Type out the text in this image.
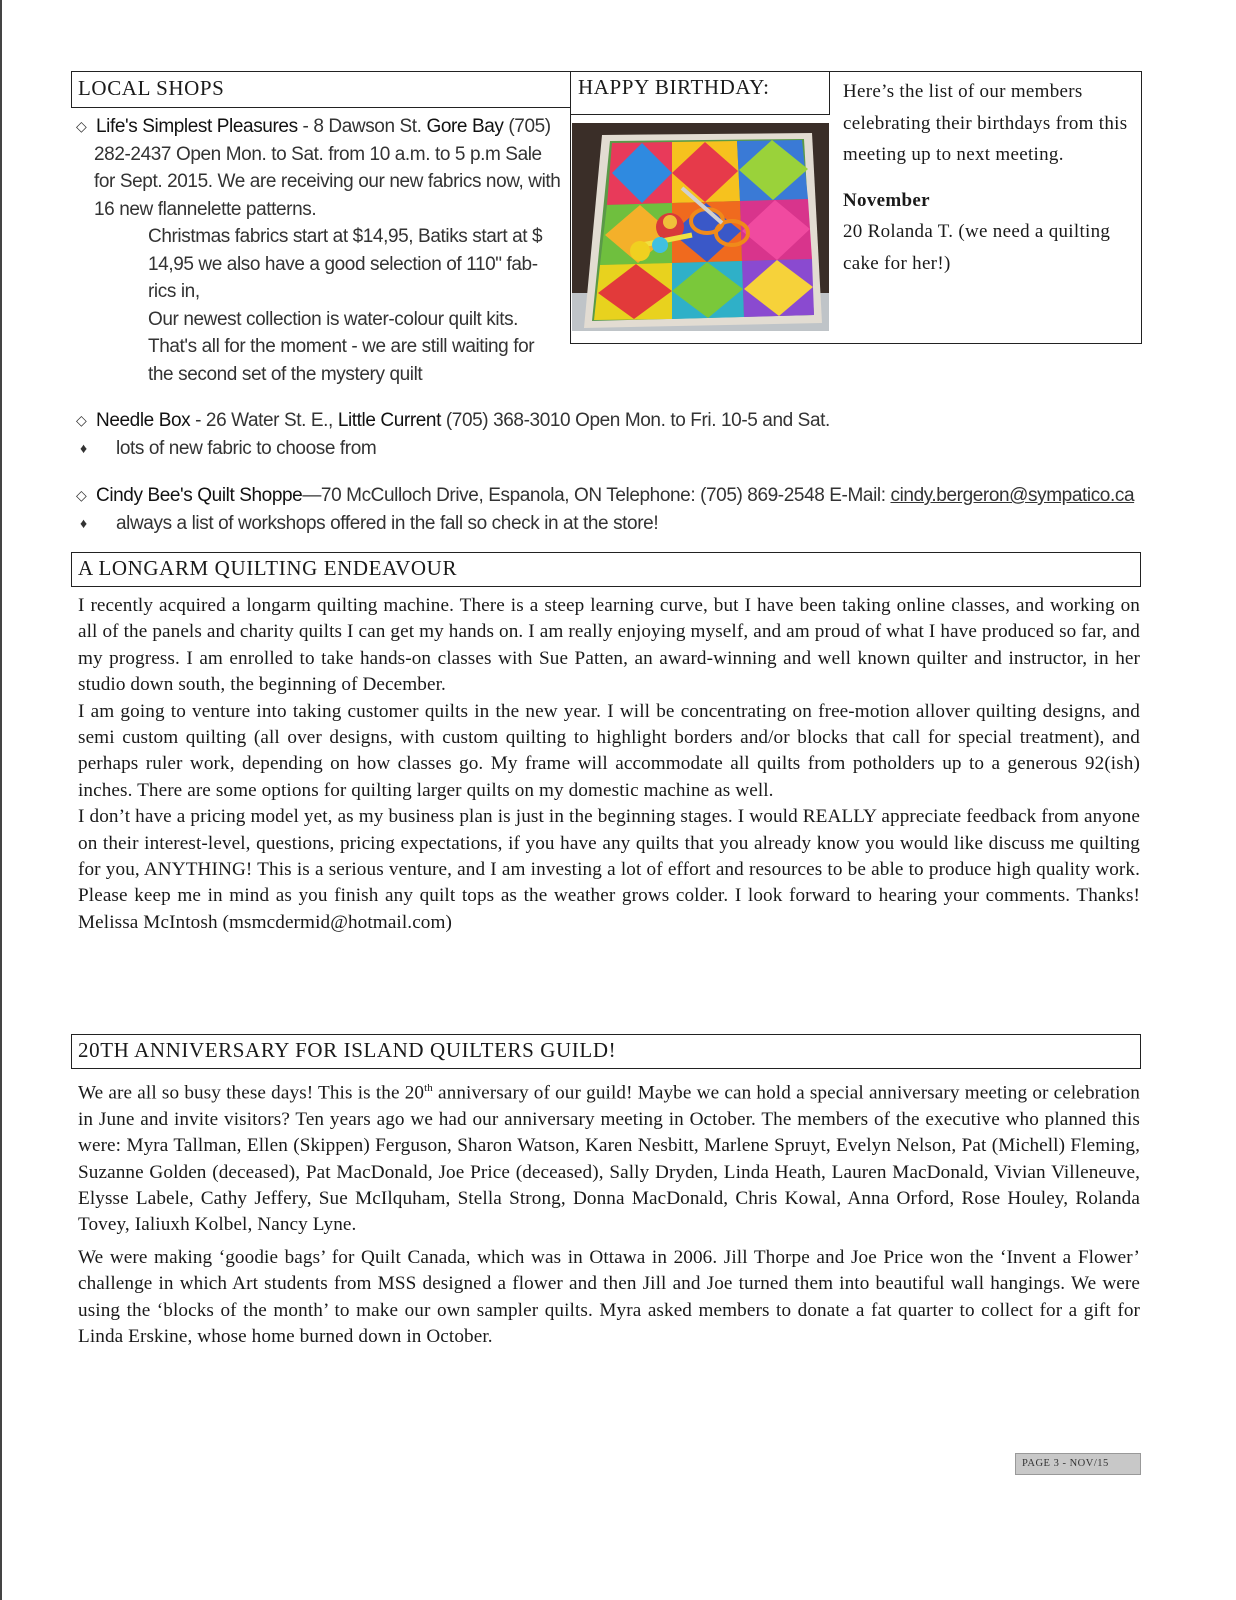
LOCAL SHOPS
◇ Life's Simplest Pleasures - 8 Dawson St. Gore Bay (705)
282-2437 Open Mon. to Sat. from 10 a.m. to 5 p.m Sale
for Sept. 2015. We are receiving our new fabrics now, with
16 new flannelette patterns.
Christmas fabrics start at $14,95, Batiks start at $
14,95 we also have a good selection of 110" fab-
rics in,
Our newest collection is water-colour quilt kits.
That's all for the moment - we are still waiting for
the second set of the mystery quilt
◇ Needle Box - 26 Water St. E., Little Current (705) 368-3010 Open Mon. to Fri. 10-5 and Sat.
♦	lots of new fabric to choose from
◇ Cindy Bee's Quilt Shoppe—70 McCulloch Drive, Espanola, ON Telephone: (705) 869-2548 E-Mail: cindy.bergeron@sympatico.ca
♦	always a list of workshops offered in the fall so check in at the store!
HAPPY BIRTHDAY:	Here’s the list of our members celebrating their birthdays from this meeting up to next meeting.

November

20 Rolanda T. (we need a quilting cake for her!)

A LONGARM QUILTING ENDEAVOUR

I recently acquired a longarm quilting machine. There is a steep learning curve, but I have been taking online classes, and working on all of the panels and charity quilts I can get my hands on. I am really enjoying myself, and am proud of what I have produced so far, and my progress. I am enrolled to take hands-on classes with Sue Patten, an award-winning and well known quilter and instructor, in her studio down south, the beginning of December.

I am going to venture into taking customer quilts in the new year. I will be concentrating on free-motion allover quilting designs, and semi custom quilting (all over designs, with custom quilting to highlight borders and/or blocks that call for special treatment), and perhaps ruler work, depending on how classes go. My frame will accommodate all quilts from potholders up to a generous 92(ish) inches. There are some options for quilting larger quilts on my domestic machine as well.

I don’t have a pricing model yet, as my business plan is just in the beginning stages. I would REALLY appreciate feedback from anyone on their interest-level, questions, pricing expectations, if you have any quilts that you already know you would like discuss me quilting for you, ANYTHING! This is a serious venture, and I am investing a lot of effort and resources to be able to produce high quality work. Please keep me in mind as you finish any quilt tops as the weather grows colder. I look forward to hearing your comments. Thanks! Melissa McIntosh (msmcdermid@hotmail.com)

20TH ANNIVERSARY FOR ISLAND QUILTERS GUILD!

We are all so busy these days! This is the 20th anniversary of our guild! Maybe we can hold a special anniversary meeting or celebration in June and invite visitors? Ten years ago we had our anniversary meeting in October. The members of the executive who planned this were: Myra Tallman, Ellen (Skippen) Ferguson, Sharon Watson, Karen Nesbitt, Marlene Spruyt, Evelyn Nelson, Pat (Michell) Fleming, Suzanne Golden (deceased), Pat MacDonald, Joe Price (deceased), Sally Dryden, Linda Heath, Lauren MacDonald, Vivian Villeneuve, Elysse Labele, Cathy Jeffery, Sue McIlquham, Stella Strong, Donna MacDonald, Chris Kowal, Anna Orford, Rose Houley, Rolanda Tovey, Ialiuxh Kolbel, Nancy Lyne.

We were making ‘goodie bags’ for Quilt Canada, which was in Ottawa in 2006. Jill Thorpe and Joe Price won the ‘Invent a Flower’ challenge in which Art students from MSS designed a flower and then Jill and Joe turned them into beautiful wall hangings. We were using the ‘blocks of the month’ to make our own sampler quilts. Myra asked members to donate a fat quarter to collect for a gift for Linda Erskine, whose home burned down in October.

PAGE 3 - NOV/15
